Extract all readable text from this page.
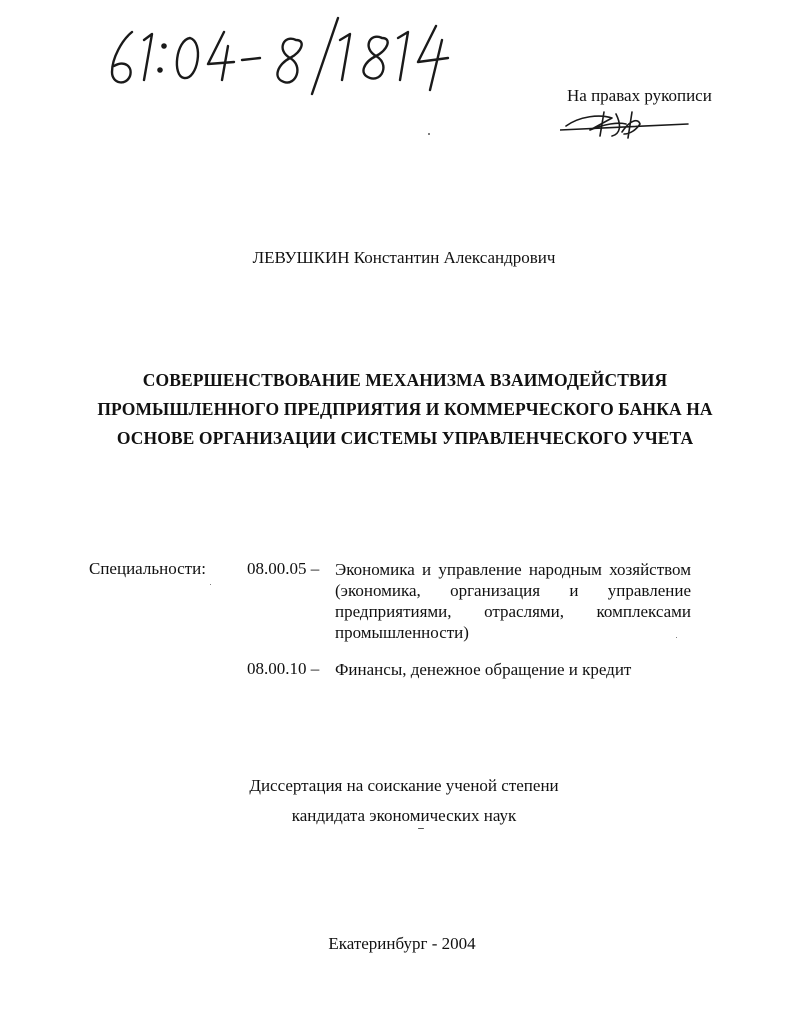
На правах рукописи
ЛЕВУШКИН Константин Александрович
СОВЕРШЕНСТВОВАНИЕ МЕХАНИЗМА ВЗАИМОДЕЙСТВИЯ ПРОМЫШЛЕННОГО ПРЕДПРИЯТИЯ И КОММЕРЧЕСКОГО БАНКА НА ОСНОВЕ ОРГАНИЗАЦИИ СИСТЕМЫ УПРАВЛЕНЧЕСКОГО УЧЕТА
Специальности: 08.00.05 – Экономика и управление народным хозяйством (экономика, организация и управление предприятиями, отраслями, комплексами промышленности)
08.00.10 – Финансы, денежное обращение и кредит
Диссертация на соискание ученой степени
кандидата экономических наук
Екатеринбург - 2004
